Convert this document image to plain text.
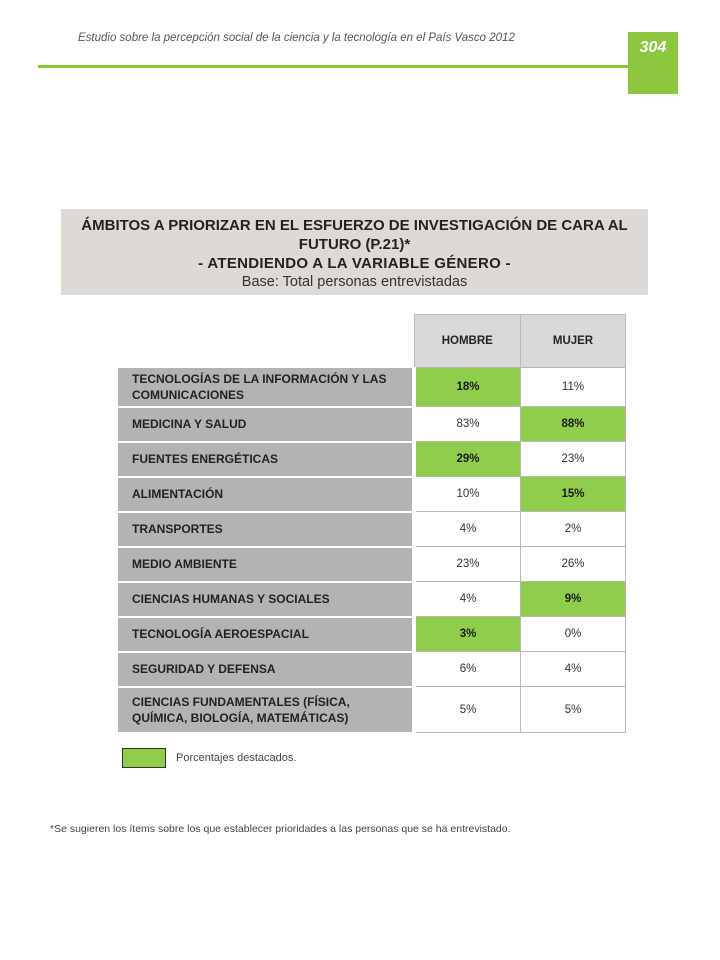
Estudio sobre la percepción social de la ciencia y la tecnología en el País Vasco 2012
304
ÁMBITOS A PRIORIZAR EN EL ESFUERZO DE INVESTIGACIÓN DE CARA AL
FUTURO (P.21)*
- ATENDIENDO A LA VARIABLE GÉNERO -
Base: Total personas entrevistadas
	HOMBRE	MUJER
TECNOLOGÍAS DE LA INFORMACIÓN Y LAS COMUNICACIONES	18%	11%
MEDICINA Y SALUD	83%	88%
FUENTES ENERGÉTICAS	29%	23%
ALIMENTACIÓN	10%	15%
TRANSPORTES	4%	2%
MEDIO AMBIENTE	23%	26%
CIENCIAS HUMANAS Y SOCIALES	4%	9%
TECNOLOGÍA AEROESPACIAL	3%	0%
SEGURIDAD Y DEFENSA	6%	4%
CIENCIAS FUNDAMENTALES (FÍSICA, QUÍMICA, BIOLOGÍA, MATEMÁTICAS)	5%	5%
Porcentajes destacados.
*Se sugieren los ítems sobre los que establecer prioridades a las personas que se ha entrevistado.
